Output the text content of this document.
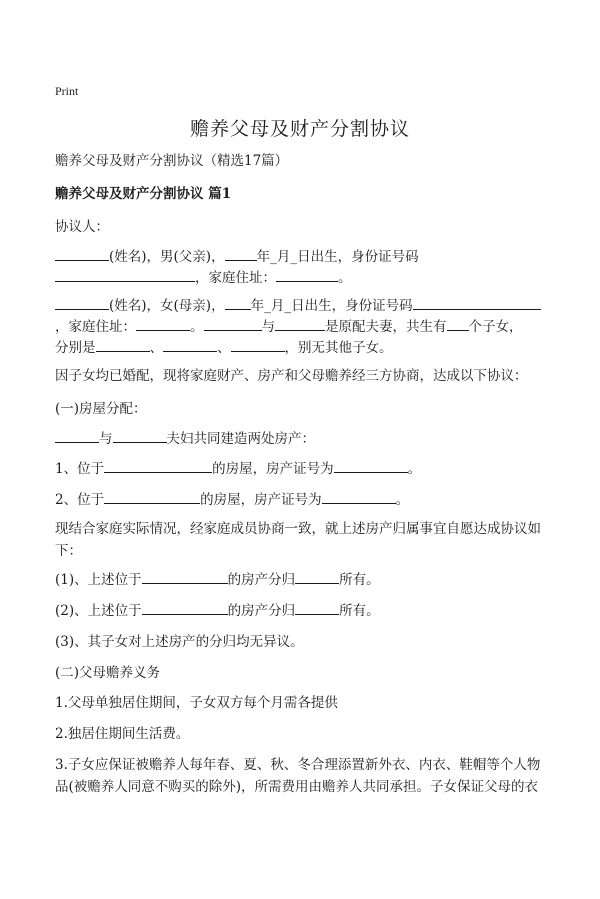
Print
赡养父母及财产分割协议
赡养父母及财产分割协议（精选17篇）
赡养父母及财产分割协议 篇1
协议人：
(姓名)，男(父亲)， 年_月_日出生，身份证号码
，家庭住址：	。
(姓名)，女(母亲)， 年_月_日出生，身份证号码
，家庭住址：	。	与	是原配夫妻，共生有 个子女，
分别是	、	、	，别无其他子女。
因子女均已婚配，现将家庭财产、房产和父母赡养经三方协商，达成以下协议：
(一)房屋分配：
与	夫妇共同建造两处房产：
1、位于	的房屋，房产证号为	。
2、位于	的房屋，房产证号为	。
现结合家庭实际情况，经家庭成员协商一致，就上述房产归属事宜自愿达成协议如下：
(1)、上述位于	的房产分归	所有。
(2)、上述位于	的房产分归	所有。
(3)、其子女对上述房产的分归均无异议。
(二)父母赡养义务
1.父母单独居住期间，子女双方每个月需各提供
2.独居住期间生活费。
3.子女应保证被赡养人每年春、夏、秋、冬合理添置新外衣、内衣、鞋帽等个人物品(被赡养人同意不购买的除外)，所需费用由赡养人共同承担。子女保证父母的衣
